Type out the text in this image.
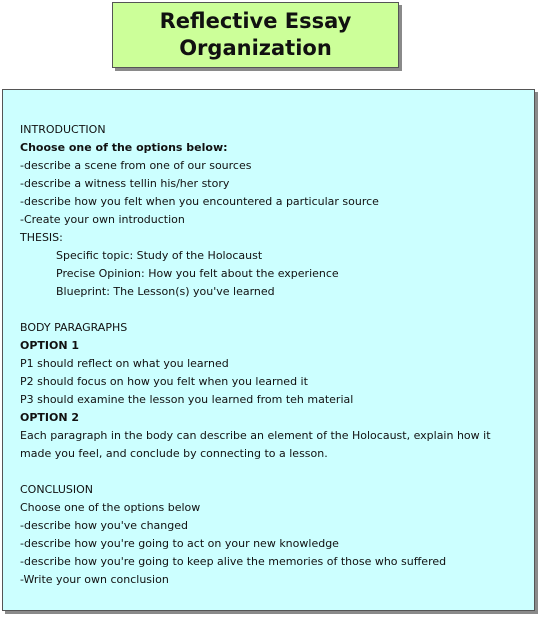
Reflective Essay
Organization
INTRODUCTION
Choose one of the options below:
-describe a scene from one of our sources
-describe a witness tellin his/her story
-describe how you felt when you encountered a particular source
-Create your own introduction
THESIS:
Specific topic: Study of the Holocaust
Precise Opinion: How you felt about the experience
Blueprint: The Lesson(s) you've learned
BODY PARAGRAPHS
OPTION 1
P1 should reflect on what you learned
P2 should focus on how you felt when you learned it
P3 should examine the lesson you learned from teh material
OPTION 2
Each paragraph in the body can describe an element of the Holocaust, explain how it
made you feel, and conclude by connecting to a lesson.
CONCLUSION
Choose one of the options below
-describe how you've changed
-describe how you're going to act on your new knowledge
-describe how you're going to keep alive the memories of those who suffered
-Write your own conclusion
